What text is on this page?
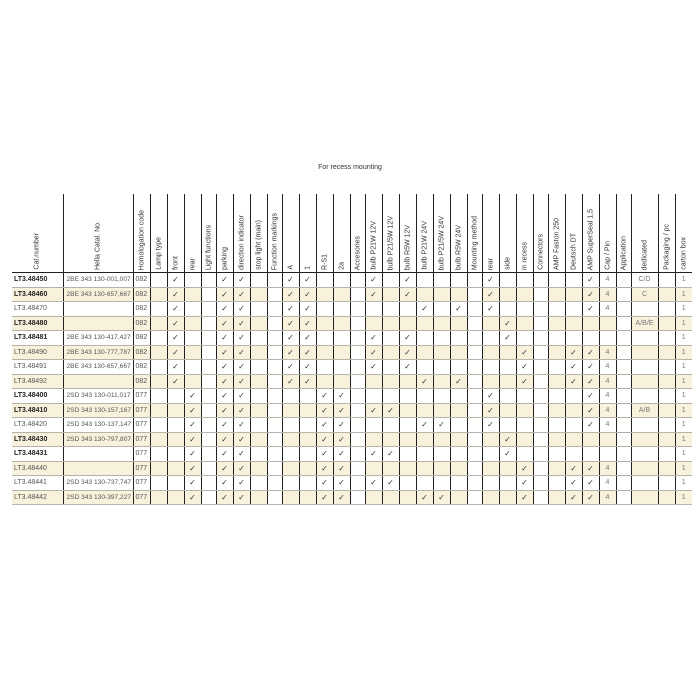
For recess mounting
Cat.number	Hella Catal. No.	Homologation code	Lamp type	front	rear	Light functions	parking	direction indicator	stop light (main)	Function markings	A	1	R-S1	2a	Accesories	bulb P21W 12V	bulb P21/5W 12V	bulb R5W 12V	bulb P21W 24V	bulb P21/5W 24V	bulb R5W 24V	Mounting method	rear	side	in recess	Connectors	AMP Faston 250	Deutsch DT	AMP SuperSeal 1,5	Cap / Pin	Application	dedicated	Packaging / pc	carton box

LT3.48450	2BE 343 130-001,007	082		✓			✓	✓			✓	✓				✓		✓					✓						✓	4		C/D		1
LT3.48460	2BE 343 130-657,667	082		✓			✓	✓			✓	✓				✓		✓					✓						✓	4		C		1
LT3.48470		082		✓			✓	✓			✓	✓							✓		✓		✓						✓	4				1
LT3.48480		082		✓			✓	✓			✓	✓												✓								A/B/E		1
LT3.48481	2BE 343 130-417,427	082		✓			✓	✓			✓	✓				✓		✓						✓										1
LT3.48490	2BE 343 130-777,787	082		✓			✓	✓			✓	✓				✓		✓							✓			✓	✓	4				1
LT3.48491	2BE 343 130-657,667	082		✓			✓	✓			✓	✓				✓		✓							✓			✓	✓	4				1
LT3.48492		082		✓			✓	✓			✓	✓							✓		✓				✓			✓	✓	4				1
LT3.48400	2SD 343 130-011,017	077			✓		✓	✓					✓	✓									✓						✓	4				1
LT3.48410	2SD 343 130-157,167	077			✓		✓	✓					✓	✓		✓	✓						✓						✓	4		A/B		1
LT3.48420	2SD 343 130-137,147	077			✓		✓	✓					✓	✓					✓	✓			✓						✓	4				1
LT3.48430	2SD 343 130-797,807	077			✓		✓	✓					✓	✓										✓										1
LT3.48431		077			✓		✓	✓					✓	✓		✓	✓							✓										1
LT3.48440		077			✓		✓	✓					✓	✓											✓			✓	✓	4				1
LT3.48441	2SD 343 130-737,747	077			✓		✓	✓					✓	✓		✓	✓								✓			✓	✓	4				1
LT3.48442	2SD 343 130-397,227	077			✓		✓	✓					✓	✓					✓	✓					✓			✓	✓	4				1
